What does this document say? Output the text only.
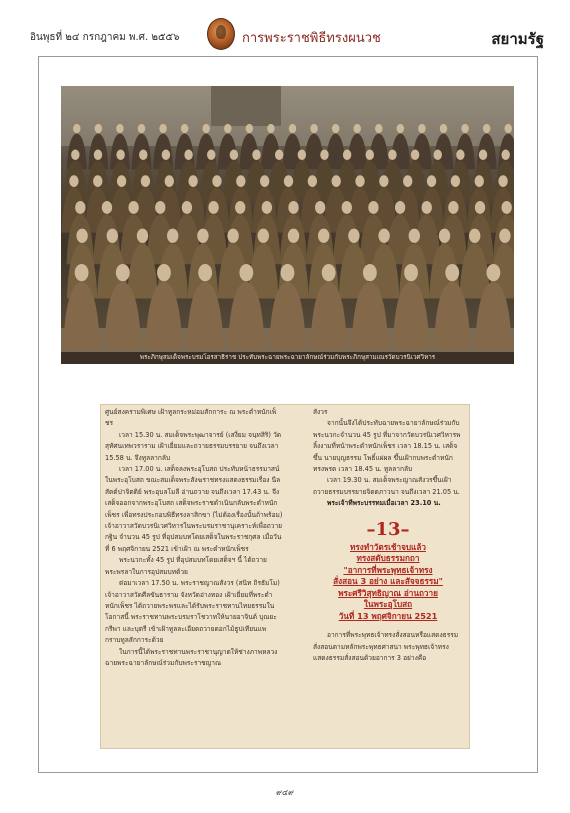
อินพุธที่ ๒๔ กรกฎาคม พ.ศ. ๒๕๕๖	การพระราชพิธีทรงผนวช	สยามรัฐ
พระภิกษุสมเด็จพระบรมโอรสาธิราช ประทับพระฉายพระฉายาลักษณ์ร่วมกับพระภิกษุสามเณรวัดบวรนิเวศวิหาร

ศูนย์สงครามพิเศษ เฝ้าทูลกระหม่อมสักการะ ณ พระตำหนักเพ็ชร

เวลา 15.30 น. สมเด็จพระพุฒาจารย์ (เสงี่ยม จนฺทสิริ) วัดสุทัศนเทพวราราม เฝ้าเยี่ยมและถวายธรรมบรรยาย จนถึงเวลา 15.58 น. จึงทูลลากลับ

เวลา 17.00 น. เสด็จลงพระอุโบสถ ประทับหน้าธรรมาสน์ในพระอุโบสถ ขณะสมเด็จพระสังฆราชทรงแสดงธรรมเรื่อง นีลสัตต์ปาจิตติย์ พระอุบลโมลี อ่านถวาย จนถึงเวลา 17.43 น. จึงเสด็จออกจากพระอุโบสถ เสด็จพระราชดำเนินกลับพระตำหนักเพ็ชร เพื่อทรงประกอบพิธีทรงลาสิกขา (ไม่ต้องเรื่องนั้นถ้าพร้อม) เจ้าอาวาสวัดบวรนิเวศวิหารในพระบรมราชานุเคราะห์เพื่อถวายกฐิน จำนวน 45 รูป ที่อุปสมบทโดยเสด็จในพระราชกุศล เมื่อวันที่ 6 พฤศจิกายน 2521 เข้าเฝ้า ณ พระตำหนักเพ็ชร

พระนวกะทั้ง 45 รูป ที่อุปสมบทโดยเสด็จฯ นี้ ได้ถวายพระพรลาในการอุปสมบทด้วย

ต่อมาเวลา 17.50 น. พระราชญาณสังวร (สนิท ถิรธัมโม) เจ้าอาวาสวัดศีลขันธาราม จังหวัดอ่างทอง เฝ้าเยี่ยมที่พระตำหนักเพ็ชร ได้ถวายพระพรและได้รับพระราชทานไทยธรรมในโอกาสนี้ พระราชทานพระบรมราโชวาทให้นายอาจินต์ บุณยะกรีพา และบุตรี เข้าเฝ้าทูลละเอียดถวายดอกไม้ธูปเทียนแพ กราบทูลสักการะด้วย

ในการนี้ได้พระราชทานพระราชานุญาตให้ช่างภาพหลวงฉายพระฉายาลักษณ์ร่วมกับพระราชญาณ

สังวร

จากนั้นจึงได้ประทับฉายพระฉายาลักษณ์ร่วมกับพระนวกะจำนวน 45 รูป ที่มาจากวัดบวรนิเวศวิหารพลิ้งงามที่หน้าพระตำหนักเพ็ชร เวลา 18.15 น. เสด็จขึ้น นายบุญธรรม โพธิ์แผ่ผล ขึ้นเฝ้ากบพระตำหนักทรงพรต เวลา 18.45 น. ทูลลากลับ

เวลา 19.30 น. สมเด็จพระญาณสังวรขึ้นเฝ้าถวายธรรมบรรยายจิตตภาวนา จนถึงเวลา 21.05 น.

พระเจ้าทีพระบรรทมเมื่อเวลา 23.10 น.

–13–

ทรงทำวัตรเช้าจบแล้ว

ทรงสดับธรรมกถา

"อาการที่พระพุทธเจ้าทรง

สั่งสอน 3 อย่าง และสัจจธรรม"

พระศรีวิสุทธิญาณ อ่านถวาย

ในพระอุโบสถ

วันที่ 13 พฤศจิกายน 2521

อาการที่พระพุทธเจ้าทรงสั่งสอนหรือแสดงธรรม สั่งสอนตามหลักพระพุทธศาสนา พระพุทธเจ้าทรงแสดงธรรมสั่งสอนด้วยอาการ 3 อย่างคือ

๙๔๙
